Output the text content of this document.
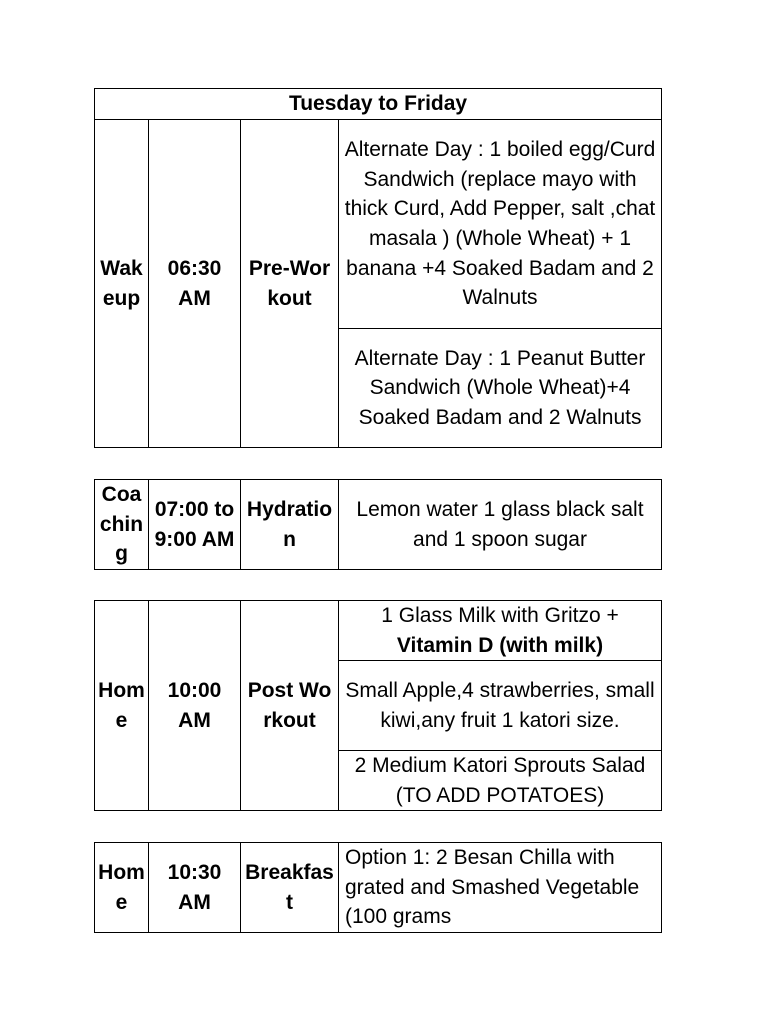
Tuesday to Friday
Wakeup	06:30 AM	Pre-Workout	Alternate Day : 1 boiled egg/Curd Sandwich (replace mayo with thick Curd, Add Pepper, salt ,chat masala ) (Whole Wheat) + 1 banana +4 Soaked Badam and 2 Walnuts
Alternate Day : 1 Peanut Butter Sandwich (Whole Wheat)+4 Soaked Badam and 2 Walnuts
Coaching	07:00 to 9:00 AM	Hydration	Lemon water 1 glass black salt and 1 spoon sugar
Home	10:00 AM	Post Workout	1 Glass Milk with Gritzo +
Vitamin D (with milk)
Small Apple,4 strawberries, small kiwi,any fruit 1 katori size.
2 Medium Katori Sprouts Salad (TO ADD POTATOES)
Home	10:30 AM	Breakfast	Option 1: 2 Besan Chilla with grated and Smashed Vegetable (100 grams
